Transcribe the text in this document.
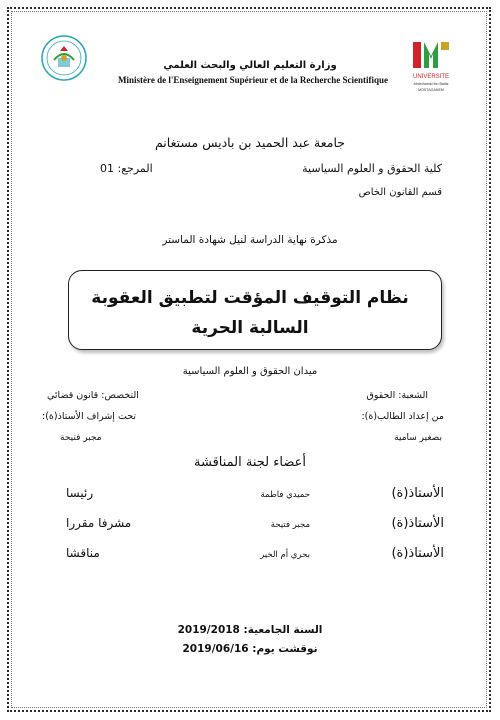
UNIVERSITE
Abdelhamid Ibn Badis
MOSTAGANEM
وزارة التعليم العالي والبحث العلمي
Ministère de l'Enseignement Supérieur et de la Recherche Scientifique
جامعة عبد الحميد بن باديس مستغانم
كلية الحقوق و العلوم السياسية
المرجع: 01
قسم القانون الخاص
مذكرة نهاية الدراسة لنيل شهادة الماستر
نظام التوقيف المؤقت لتطبيق العقوبة
السالبة الحرية
ميدان الحقوق و العلوم السياسية
الشعبة: الحقوق
التخصص: قانون قضائي
من إعداد الطالب(ة):
تحت إشراف الأستاذ(ة):
بصغير سامية
مجبر فتيحة
أعضاء لجنة المناقشة
الأستاذ(ة)
حميدي فاطمة
رئيسا
الأستاذ(ة)
مجبر فتيحة
مشرفا مقررا
الأستاذ(ة)
بحري أم الخير
مناقشا
السنة الجامعية: 2019/2018
نوقشت يوم: 2019/06/16
